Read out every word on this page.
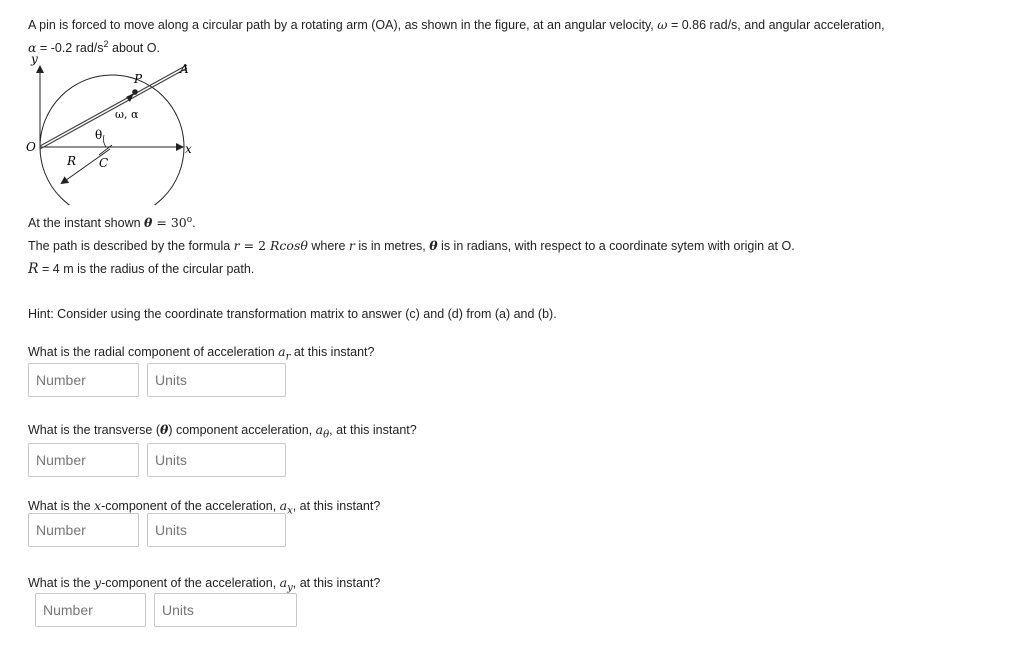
A pin is forced to move along a circular path by a rotating arm (OA), as shown in the figure, at an angular velocity, ω = 0.86 rad/s, and angular acceleration,
α = -0.2 rad/$s^2$ about O.
y
x
O
A
P
C
R
θ
ω, α
At the instant shown $\theta = 30^o$.
The path is described by the formula r = 2 Rcosθ where r is in metres, θ is in radians, with respect to a coordinate sytem with origin at O.
R = 4 m is the radius of the circular path.
Hint: Consider using the coordinate transformation matrix to answer (c) and (d) from (a) and (b).
What is the radial component of acceleration $a_r$ at this instant?
Number
Units
What is the transverse (θ) component acceleration, $a_\theta$, at this instant?
Number
Units
What is the x-component of the acceleration, $a_x$, at this instant?
Number
Units
What is the y-component of the acceleration, $a_y$, at this instant?
Number
Units
